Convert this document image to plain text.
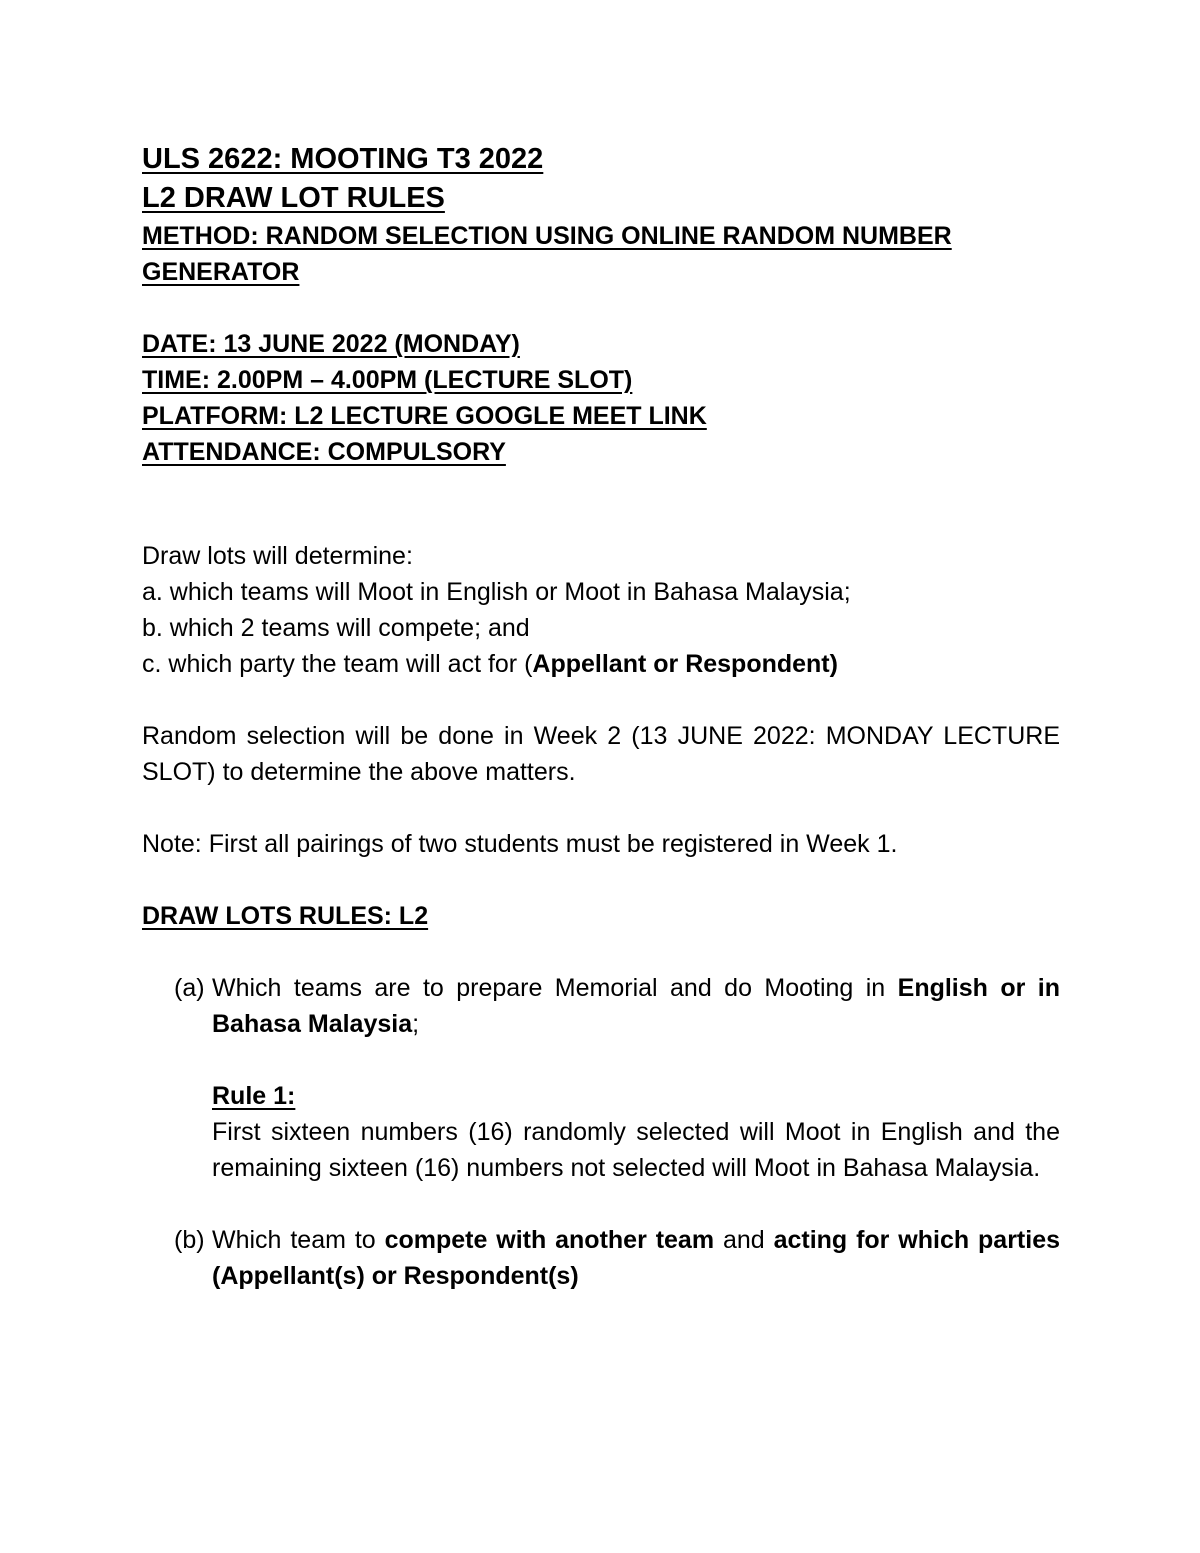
ULS 2622: MOOTING T3 2022
L2 DRAW LOT RULES
METHOD: RANDOM SELECTION USING ONLINE RANDOM NUMBER GENERATOR
DATE: 13 JUNE 2022 (MONDAY)
TIME: 2.00PM – 4.00PM (LECTURE SLOT)
PLATFORM: L2 LECTURE GOOGLE MEET LINK
ATTENDANCE: COMPULSORY

Draw lots will determine:

a. which teams will Moot in English or Moot in Bahasa Malaysia;

b. which 2 teams will compete; and

c. which party the team will act for (Appellant or Respondent)

Random selection will be done in Week 2 (13 JUNE 2022: MONDAY LECTURE SLOT) to determine the above matters.

Note: First all pairings of two students must be registered in Week 1.

DRAW LOTS RULES: L2
(a) Which teams are to prepare Memorial and do Mooting in English or in Bahasa Malaysia;
Rule 1:
First sixteen numbers (16) randomly selected will Moot in English and the remaining sixteen (16) numbers not selected will Moot in Bahasa Malaysia.
(b) Which team to compete with another team and acting for which parties (Appellant(s) or Respondent(s)
